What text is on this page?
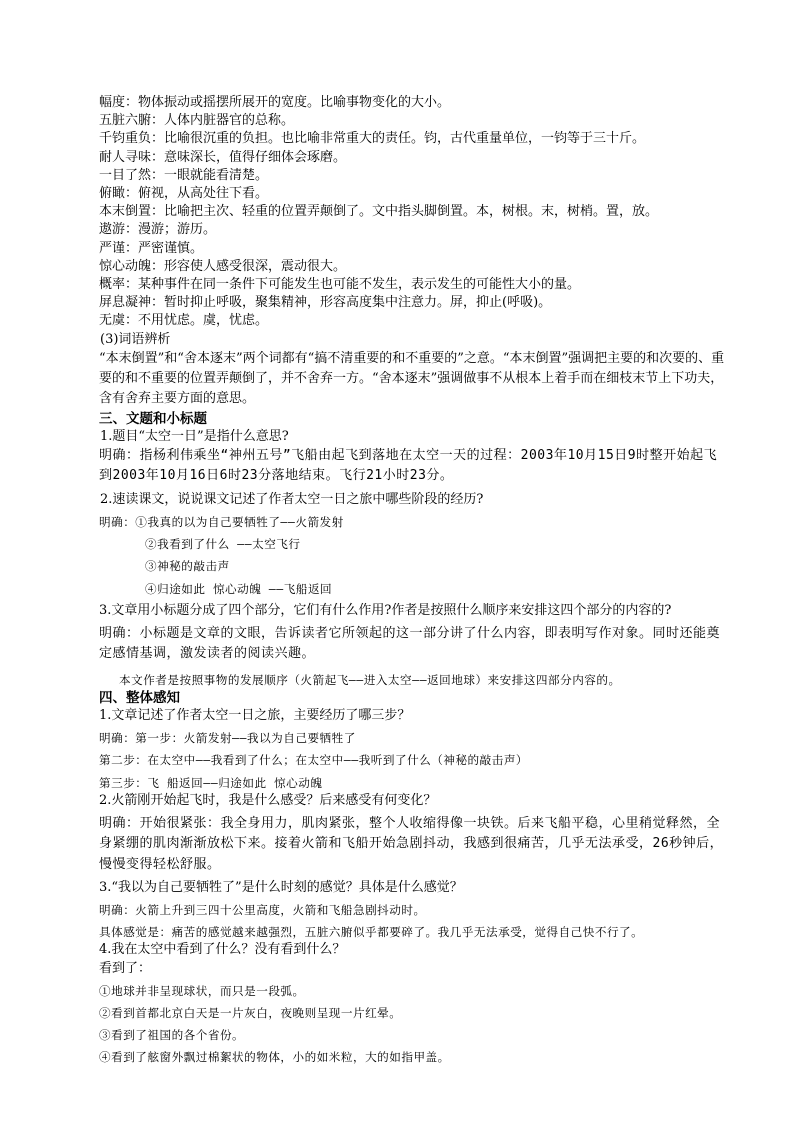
幅度：物体振动或摇摆所展开的宽度。比喻事物变化的大小。
五脏六腑：人体内脏器官的总称。
千钧重负：比喻很沉重的负担。也比喻非常重大的责任。钧，古代重量单位，一钧等于三十斤。
耐人寻味：意味深长，值得仔细体会琢磨。
一目了然：一眼就能看清楚。
俯瞰：俯视，从高处往下看。
本末倒置：比喻把主次、轻重的位置弄颠倒了。文中指头脚倒置。本，树根。末，树梢。置，放。
遨游：漫游；游历。
严谨：严密谨慎。
惊心动魄：形容使人感受很深，震动很大。
概率：某种事件在同一条件下可能发生也可能不发生，表示发生的可能性大小的量。
屏息凝神：暂时抑止呼吸，聚集精神，形容高度集中注意力。屏，抑止(呼吸)。
无虞：不用忧虑。虞，忧虑。
(3)词语辨析
“本末倒置”和“舍本逐末”两个词都有“搞不清重要的和不重要的”之意。“本末倒置”强调把主要的和次要的、重要的和不重要的位置弄颠倒了，并不舍弃一方。“舍本逐末”强调做事不从根本上着手而在细枝末节上下功夫，含有舍弃主要方面的意思。
三、文题和小标题
1.题目“太空一日”是指什么意思?
明确：指杨利伟乘坐“神州五号”飞船由起飞到落地在太空一天的过程：2003年10月15日9时整开始起飞到2003年10月16日6时23分落地结束。飞行21小时23分。
2.速读课文，说说课文记述了作者太空一日之旅中哪些阶段的经历?
明确：①我真的以为自己要牺牲了——火箭发射
②我看到了什么 ——太空飞行
③神秘的敲击声
④归途如此 惊心动魄 ——飞船返回
3.文章用小标题分成了四个部分，它们有什么作用?作者是按照什么顺序来安排这四个部分的内容的?
明确：小标题是文章的文眼，告诉读者它所领起的这一部分讲了什么内容，即表明写作对象。同时还能奠定感情基调，激发读者的阅读兴趣。
本文作者是按照事物的发展顺序（火箭起飞——进入太空——返回地球）来安排这四部分内容的。
四、整体感知
1.文章记述了作者太空一日之旅，主要经历了哪三步？
明确：第一步：火箭发射——我以为自己要牺牲了
第二步：在太空中——我看到了什么；在太空中——我听到了什么（神秘的敲击声）
第三步：飞 船返回——归途如此 惊心动魄
2.火箭刚开始起飞时，我是什么感受？后来感受有何变化？
明确：开始很紧张：我全身用力，肌肉紧张，整个人收缩得像一块铁。后来飞船平稳，心里稍觉释然，全身紧绷的肌肉渐渐放松下来。接着火箭和飞船开始急剧抖动，我感到很痛苦，几乎无法承受，26秒钟后，慢慢变得轻松舒服。
3.“我以为自己要牺牲了”是什么时刻的感觉？具体是什么感觉？
明确：火箭上升到三四十公里高度，火箭和飞船急剧抖动时。
具体感觉是：痛苦的感觉越来越强烈，五脏六腑似乎都要碎了。我几乎无法承受，觉得自己快不行了。
4.我在太空中看到了什么？没有看到什么？
看到了：
①地球并非呈现球状，而只是一段弧。
②看到首都北京白天是一片灰白，夜晚则呈现一片红晕。
③看到了祖国的各个省份。
④看到了舷窗外飘过棉絮状的物体，小的如米粒，大的如指甲盖。
